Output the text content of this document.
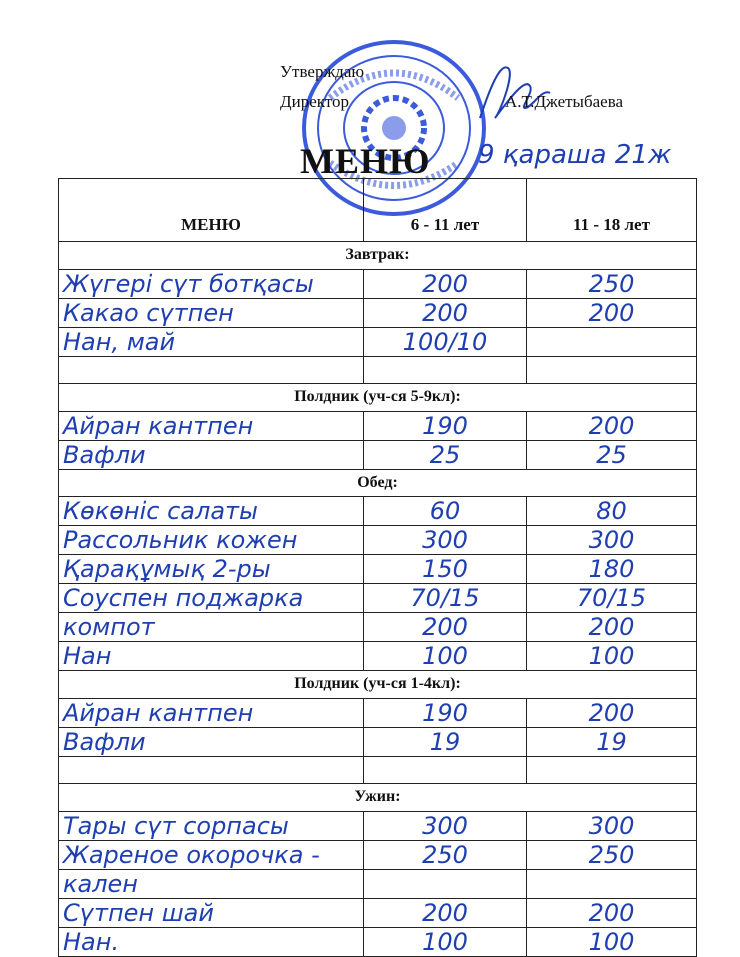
Утверждаю
Директор	А.Т.Джетыбаева
МЕНЮ 9 қараша 21ж
МЕНЮ	6 - 11 лет	11 - 18 лет
Завтрак:		
Жүгері сүт ботқасы	200	250
Какао сүтпен	200	200
Нан, май	100/10	

Полдник (уч-ся 5-9кл):		
Айран кантпен	190	200
Вафли	25	25
Обед:		
Көкөніс салаты	60	80
Рассольник кожен	300	300
Қарақұмық 2-ры	150	180
Соуспен поджарка	70/15	70/15
компот	200	200
Нан	100	100
Полдник (уч-ся 1-4кл):		
Айран кантпен	190	200
Вафли	19	19

Ужин:		
Тары сүт сорпасы	300	300
Жареное окорочка -	250	250
кален		
Сүтпен шай	200	200
Нан.	100	100
